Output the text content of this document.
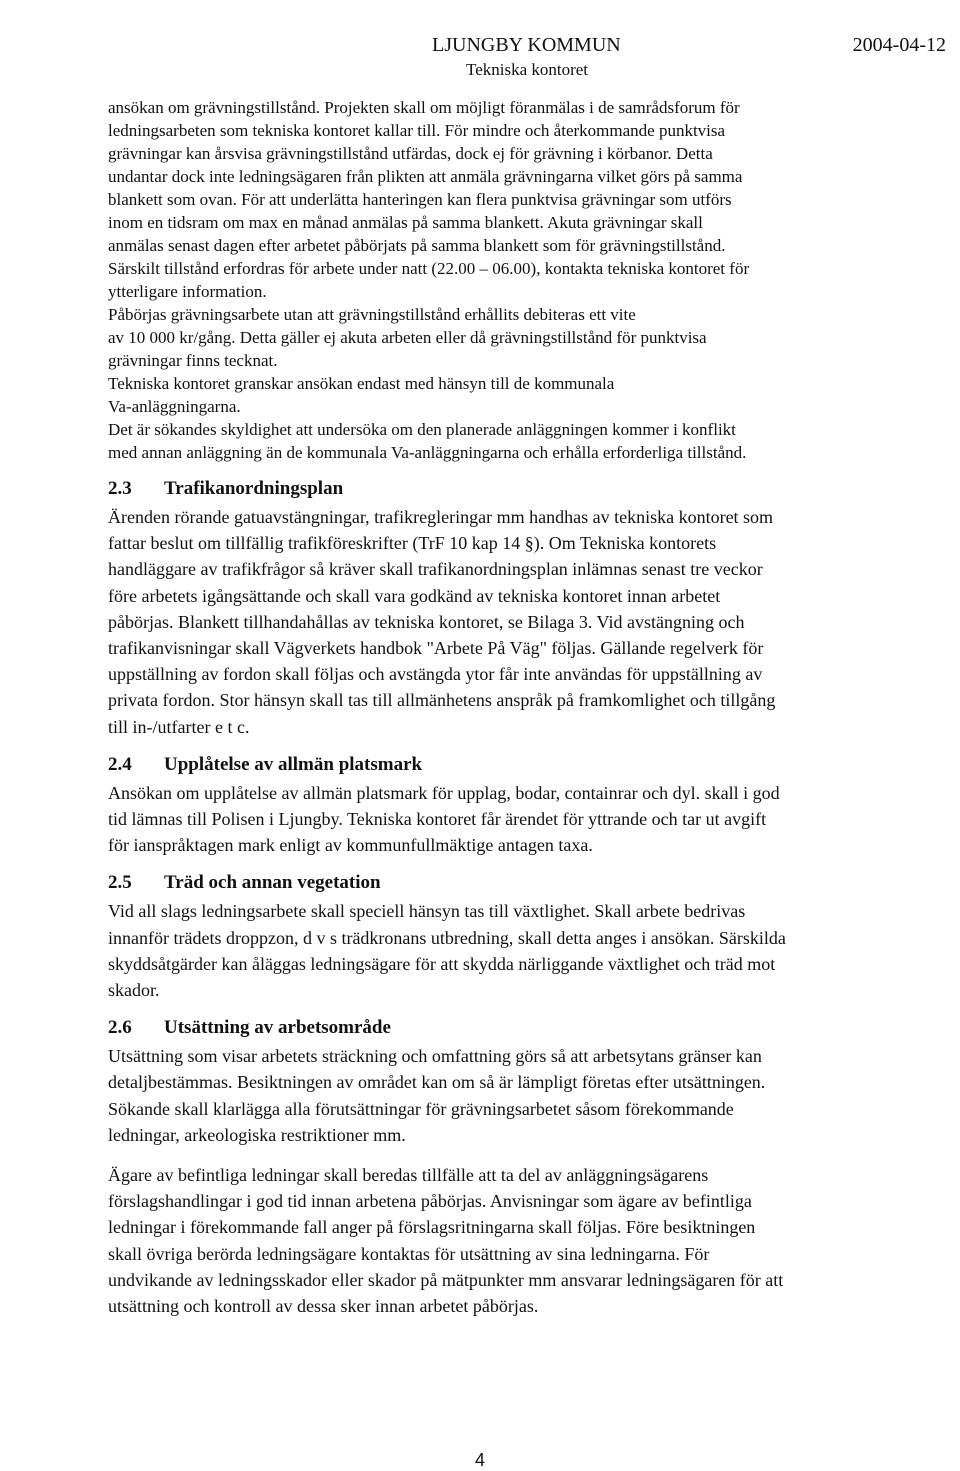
LJUNGBY KOMMUN
Tekniska kontoret
2004-04-12
ansökan om grävningstillstånd. Projekten skall om möjligt föranmälas i de samrådsforum för
ledningsarbeten som tekniska kontoret kallar till. För mindre och återkommande punktvisa
grävningar kan årsvisa grävningstillstånd utfärdas, dock ej för grävning i körbanor. Detta
undantar dock inte ledningsägaren från plikten att anmäla grävningarna vilket görs på samma
blankett som ovan. För att underlätta hanteringen kan flera punktvisa grävningar som utförs
inom en tidsram om max en månad anmälas på samma blankett. Akuta grävningar skall
anmälas senast dagen efter arbetet påbörjats på samma blankett som för grävningstillstånd.
Särskilt tillstånd erfordras för arbete under natt (22.00 – 06.00), kontakta tekniska kontoret för
ytterligare information.
Påbörjas grävningsarbete utan att grävningstillstånd erhållits debiteras ett vite
av 10 000 kr/gång. Detta gäller ej akuta arbeten eller då grävningstillstånd för punktvisa
grävningar finns tecknat.
Tekniska kontoret granskar ansökan endast med hänsyn till de kommunala
Va-anläggningarna.
Det är sökandes skyldighet att undersöka om den planerade anläggningen kommer i konflikt
med annan anläggning än de kommunala Va-anläggningarna och erhålla erforderliga tillstånd.
2.3 Trafikanordningsplan
Ärenden rörande gatuavstängningar, trafikregleringar mm handhas av tekniska kontoret som
fattar beslut om tillfällig trafikföreskrifter (TrF 10 kap 14 §). Om Tekniska kontorets
handläggare av trafikfrågor så kräver skall trafikanordningsplan inlämnas senast tre veckor
före arbetets igångsättande och skall vara godkänd av tekniska kontoret innan arbetet
påbörjas. Blankett tillhandahållas av tekniska kontoret, se Bilaga 3. Vid avstängning och
trafikanvisningar skall Vägverkets handbok "Arbete På Väg" följas. Gällande regelverk för
uppställning av fordon skall följas och avstängda ytor får inte användas för uppställning av
privata fordon. Stor hänsyn skall tas till allmänhetens anspråk på framkomlighet och tillgång
till in-/utfarter e t c.
2.4 Upplåtelse av allmän platsmark
Ansökan om upplåtelse av allmän platsmark för upplag, bodar, containrar och dyl. skall i god
tid lämnas till Polisen i Ljungby. Tekniska kontoret får ärendet för yttrande och tar ut avgift
för ianspråktagen mark enligt av kommunfullmäktige antagen taxa.
2.5 Träd och annan vegetation
Vid all slags ledningsarbete skall speciell hänsyn tas till växtlighet. Skall arbete bedrivas
innanför trädets droppzon, d v s trädkronans utbredning, skall detta anges i ansökan. Särskilda
skyddsåtgärder kan åläggas ledningsägare för att skydda närliggande växtlighet och träd mot
skador.
2.6 Utsättning av arbetsområde
Utsättning som visar arbetets sträckning och omfattning görs så att arbetsytans gränser kan
detaljbestämmas. Besiktningen av området kan om så är lämpligt företas efter utsättningen.
Sökande skall klarlägga alla förutsättningar för grävningsarbetet såsom förekommande
ledningar, arkeologiska restriktioner mm.
Ägare av befintliga ledningar skall beredas tillfälle att ta del av anläggningsägarens
förslagshandlingar i god tid innan arbetena påbörjas. Anvisningar som ägare av befintliga
ledningar i förekommande fall anger på förslagsritningarna skall följas. Före besiktningen
skall övriga berörda ledningsägare kontaktas för utsättning av sina ledningarna. För
undvikande av ledningsskador eller skador på mätpunkter mm ansvarar ledningsägaren för att
utsättning och kontroll av dessa sker innan arbetet påbörjas.
4
